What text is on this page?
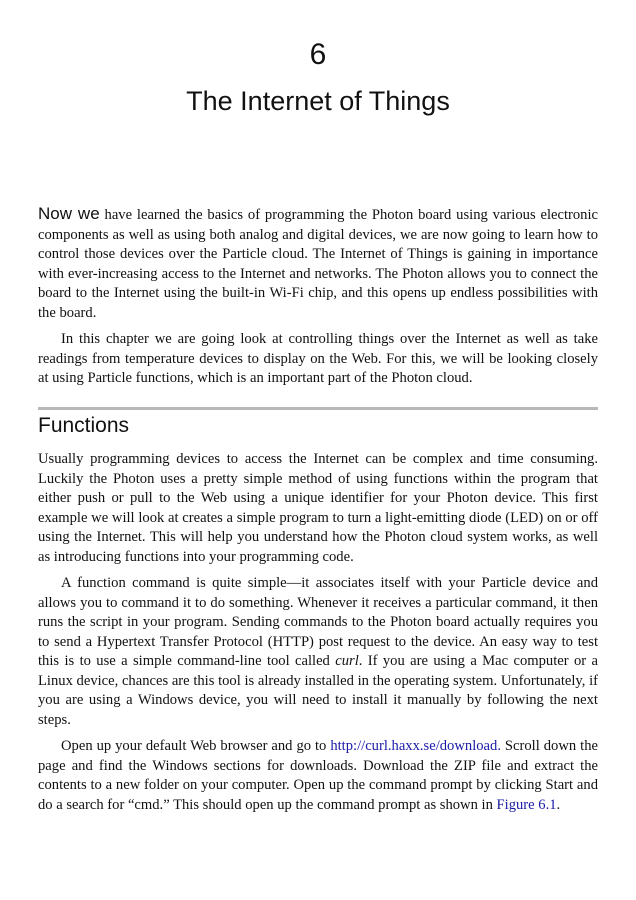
6
The Internet of Things

Now we have learned the basics of programming the Photon board using various electronic components as well as using both analog and digital devices, we are now going to learn how to control those devices over the Particle cloud. The Internet of Things is gaining in importance with ever-increasing access to the Internet and networks. The Photon allows you to connect the board to the Internet using the built-in Wi-Fi chip, and this opens up endless possibilities with the board.

In this chapter we are going look at controlling things over the Internet as well as take readings from temperature devices to display on the Web. For this, we will be looking closely at using Particle functions, which is an important part of the Photon cloud.

Functions

Usually programming devices to access the Internet can be complex and time consuming. Luckily the Photon uses a pretty simple method of using functions within the program that either push or pull to the Web using a unique identifier for your Photon device. This first example we will look at creates a simple program to turn a light-emitting diode (LED) on or off using the Internet. This will help you understand how the Photon cloud system works, as well as introducing functions into your programming code.

A function command is quite simple—it associates itself with your Particle device and allows you to command it to do something. Whenever it receives a particular command, it then runs the script in your program. Sending commands to the Photon board actually requires you to send a Hypertext Transfer Protocol (HTTP) post request to the device. An easy way to test this is to use a simple command-line tool called curl. If you are using a Mac computer or a Linux device, chances are this tool is already installed in the operating system. Unfortunately, if you are using a Windows device, you will need to install it manually by following the next steps.

Open up your default Web browser and go to http://curl.haxx.se/download. Scroll down the page and find the Windows sections for downloads. Download the ZIP file and extract the contents to a new folder on your computer. Open up the command prompt by clicking Start and do a search for “cmd.” This should open up the command prompt as shown in Figure 6.1.
